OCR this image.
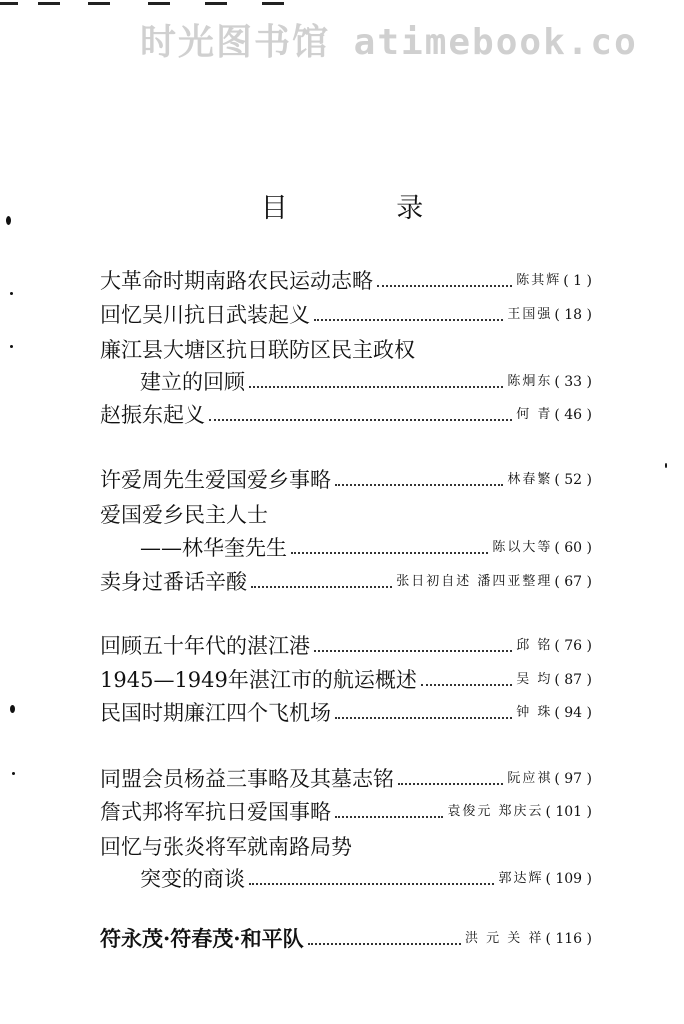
时光图书馆 atimebook.co
目 录
大革命时期南路农民运动志略	陈其辉 ( 1 )
回忆吴川抗日武装起义	王国强 ( 18 )
廉江县大塘区抗日联防区民主政权
建立的回顾	陈炯东 ( 33 )
赵振东起义	何 青 ( 46 )
许爱周先生爱国爱乡事略	林春繁 ( 52 )
爱国爱乡民主人士
——林华奎先生	陈以大等 ( 60 )
卖身过番话辛酸	张日初自述 潘四亚整理 ( 67 )
回顾五十年代的湛江港	邱 铭 ( 76 )
1945—1949年湛江市的航运概述	吴 均 ( 87 )
民国时期廉江四个飞机场	钟 珠 ( 94 )
同盟会员杨益三事略及其墓志铭	阮应祺 ( 97 )
詹式邦将军抗日爱国事略	袁俊元 郑庆云 ( 101 )
回忆与张炎将军就南路局势
突变的商谈	郭达辉 ( 109 )
符永茂·符春茂·和平队	洪 元 关 祥 ( 116 )
